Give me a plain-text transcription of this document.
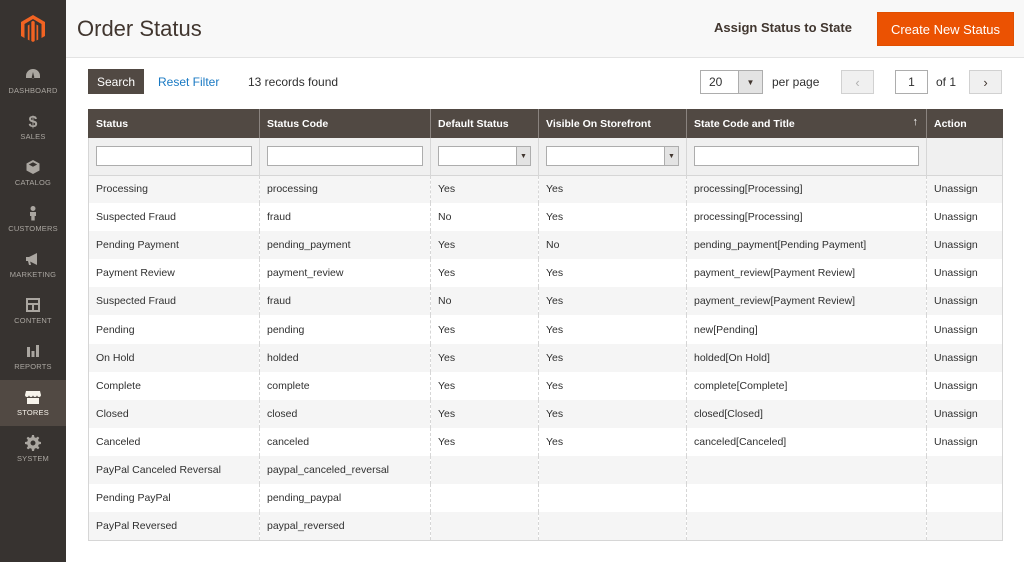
DASHBOARD
$
SALES
CATALOG
CUSTOMERS
MARKETING
CONTENT
REPORTS
STORES
SYSTEM
Order Status	Assign Status to State	Create New Status
Search	Reset Filter 13 records found	20	▼	per page	‹	1	of 1 ›
Status	Status Code	Default Status	Visible On Storefront	State Code and Title ↑	Action

▼	▼		

Processing	processing	Yes	Yes	processing[Processing]	Unassign
Suspected Fraud	fraud	No	Yes	processing[Processing]	Unassign
Pending Payment	pending_payment	Yes	No	pending_payment[Pending Payment]	Unassign
Payment Review	payment_review	Yes	Yes	payment_review[Payment Review]	Unassign
Suspected Fraud	fraud	No	Yes	payment_review[Payment Review]	Unassign
Pending	pending	Yes	Yes	new[Pending]	Unassign
On Hold	holded	Yes	Yes	holded[On Hold]	Unassign
Complete	complete	Yes	Yes	complete[Complete]	Unassign
Closed	closed	Yes	Yes	closed[Closed]	Unassign
Canceled	canceled	Yes	Yes	canceled[Canceled]	Unassign
PayPal Canceled Reversal	paypal_canceled_reversal				
Pending PayPal	pending_paypal				
PayPal Reversed	paypal_reversed				
